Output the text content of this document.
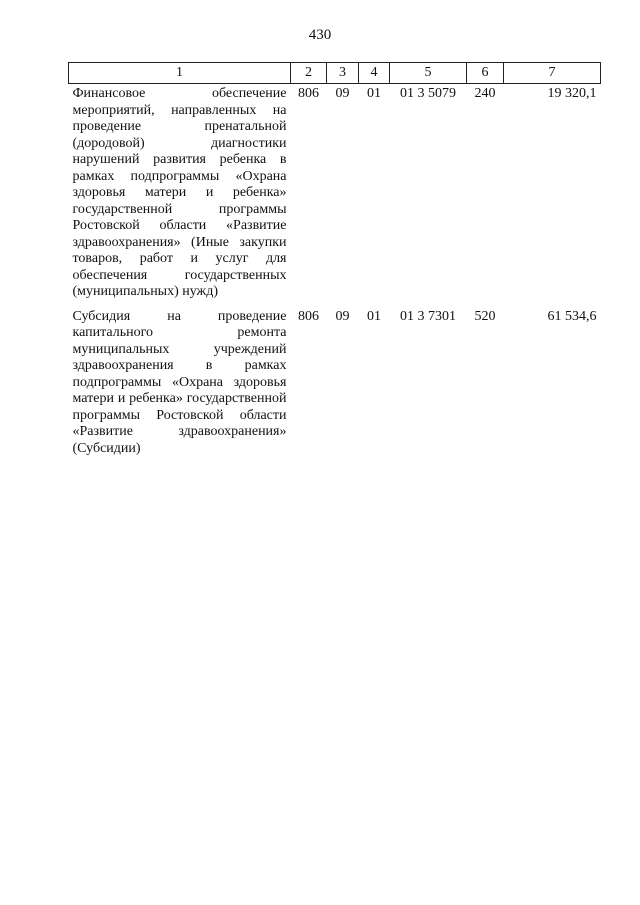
430
1	2	3	4	5	6	7
Финансовое обеспечение мероприятий, направленных на проведение пренатальной (дородовой) диагностики нарушений развития ребенка в рамках подпрограммы «Охрана здоровья матери и ребенка» государственной программы Ростовской области «Развитие здравоохранения» (Иные закупки товаров, работ и услуг для обеспечения государственных (муниципальных) нужд)	806	09	01	01 3 5079	240	19 320,1

Субсидия на проведение капитального ремонта муниципальных учреждений здравоохранения в рамках подпрограммы «Охрана здоровья матери и ребенка» государственной программы Ростовской области «Развитие здравоохранения» (Субсидии)	806	09	01	01 3 7301	520	61 534,6
